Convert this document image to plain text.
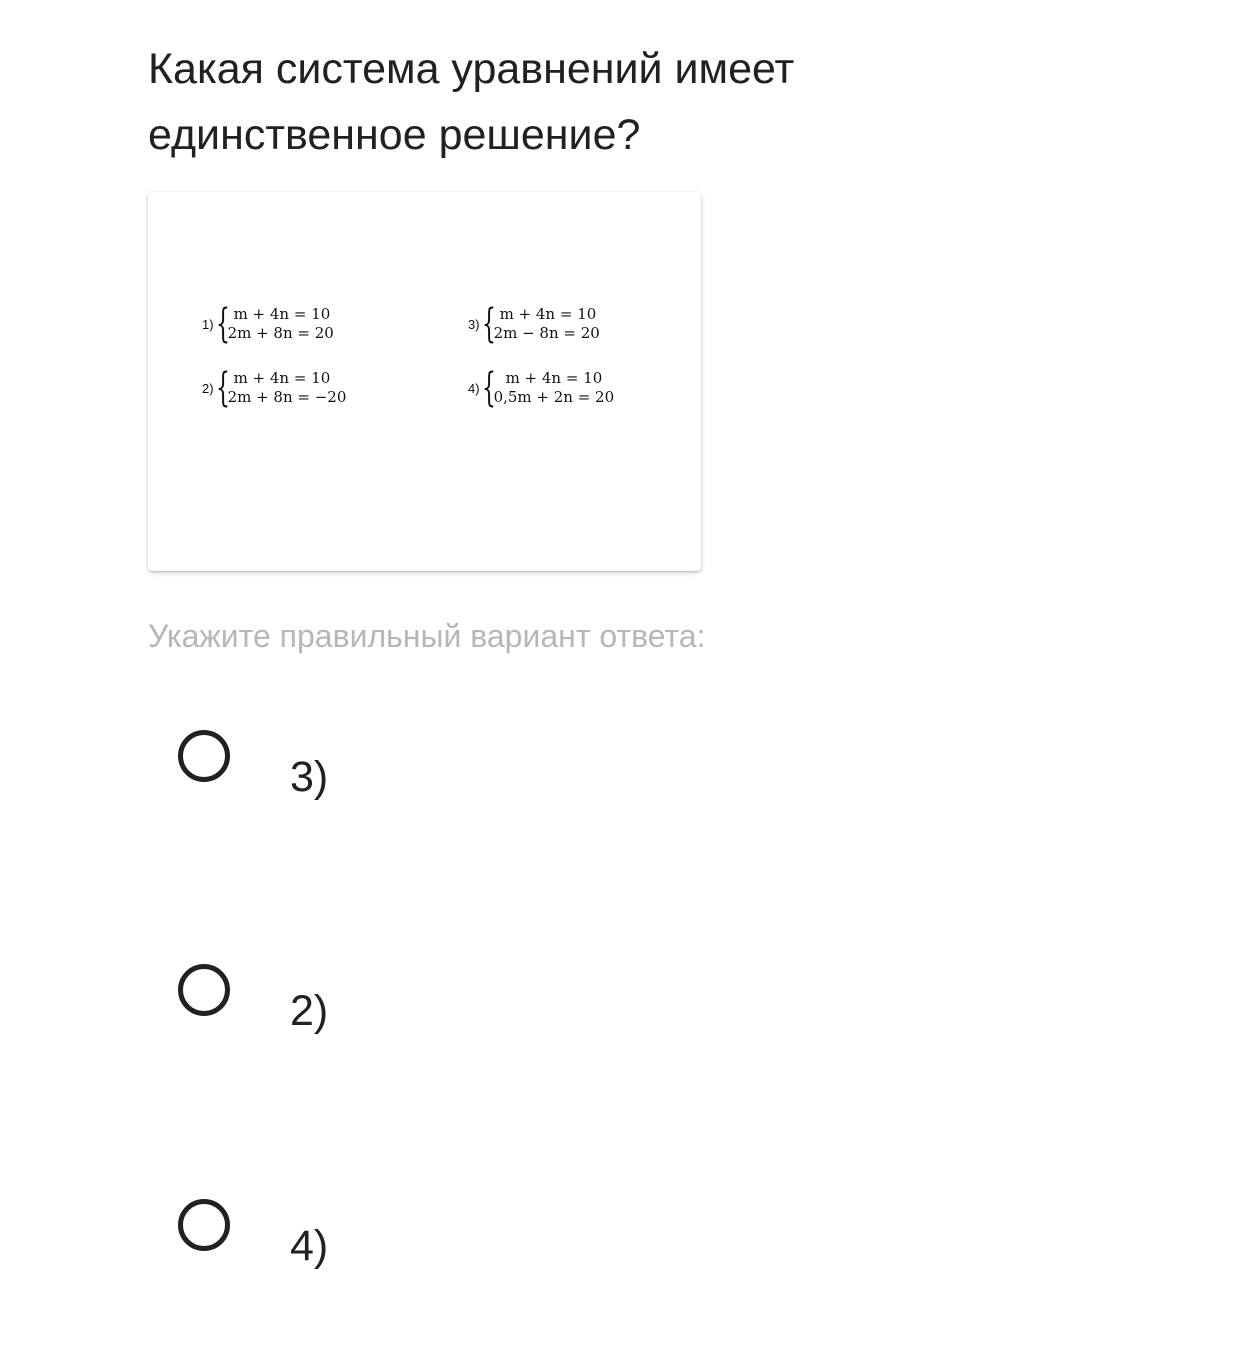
Какая система уравнений имеет единственное решение?
1) { m + 4n = 10
2m + 8n = 20
2) { m + 4n = 10
2m + 8n = −20
3) { m + 4n = 10
2m − 8n = 20
4) { m + 4n = 10
0,5m + 2n = 20

Укажите правильный вариант ответа:

3)
2)
4)
